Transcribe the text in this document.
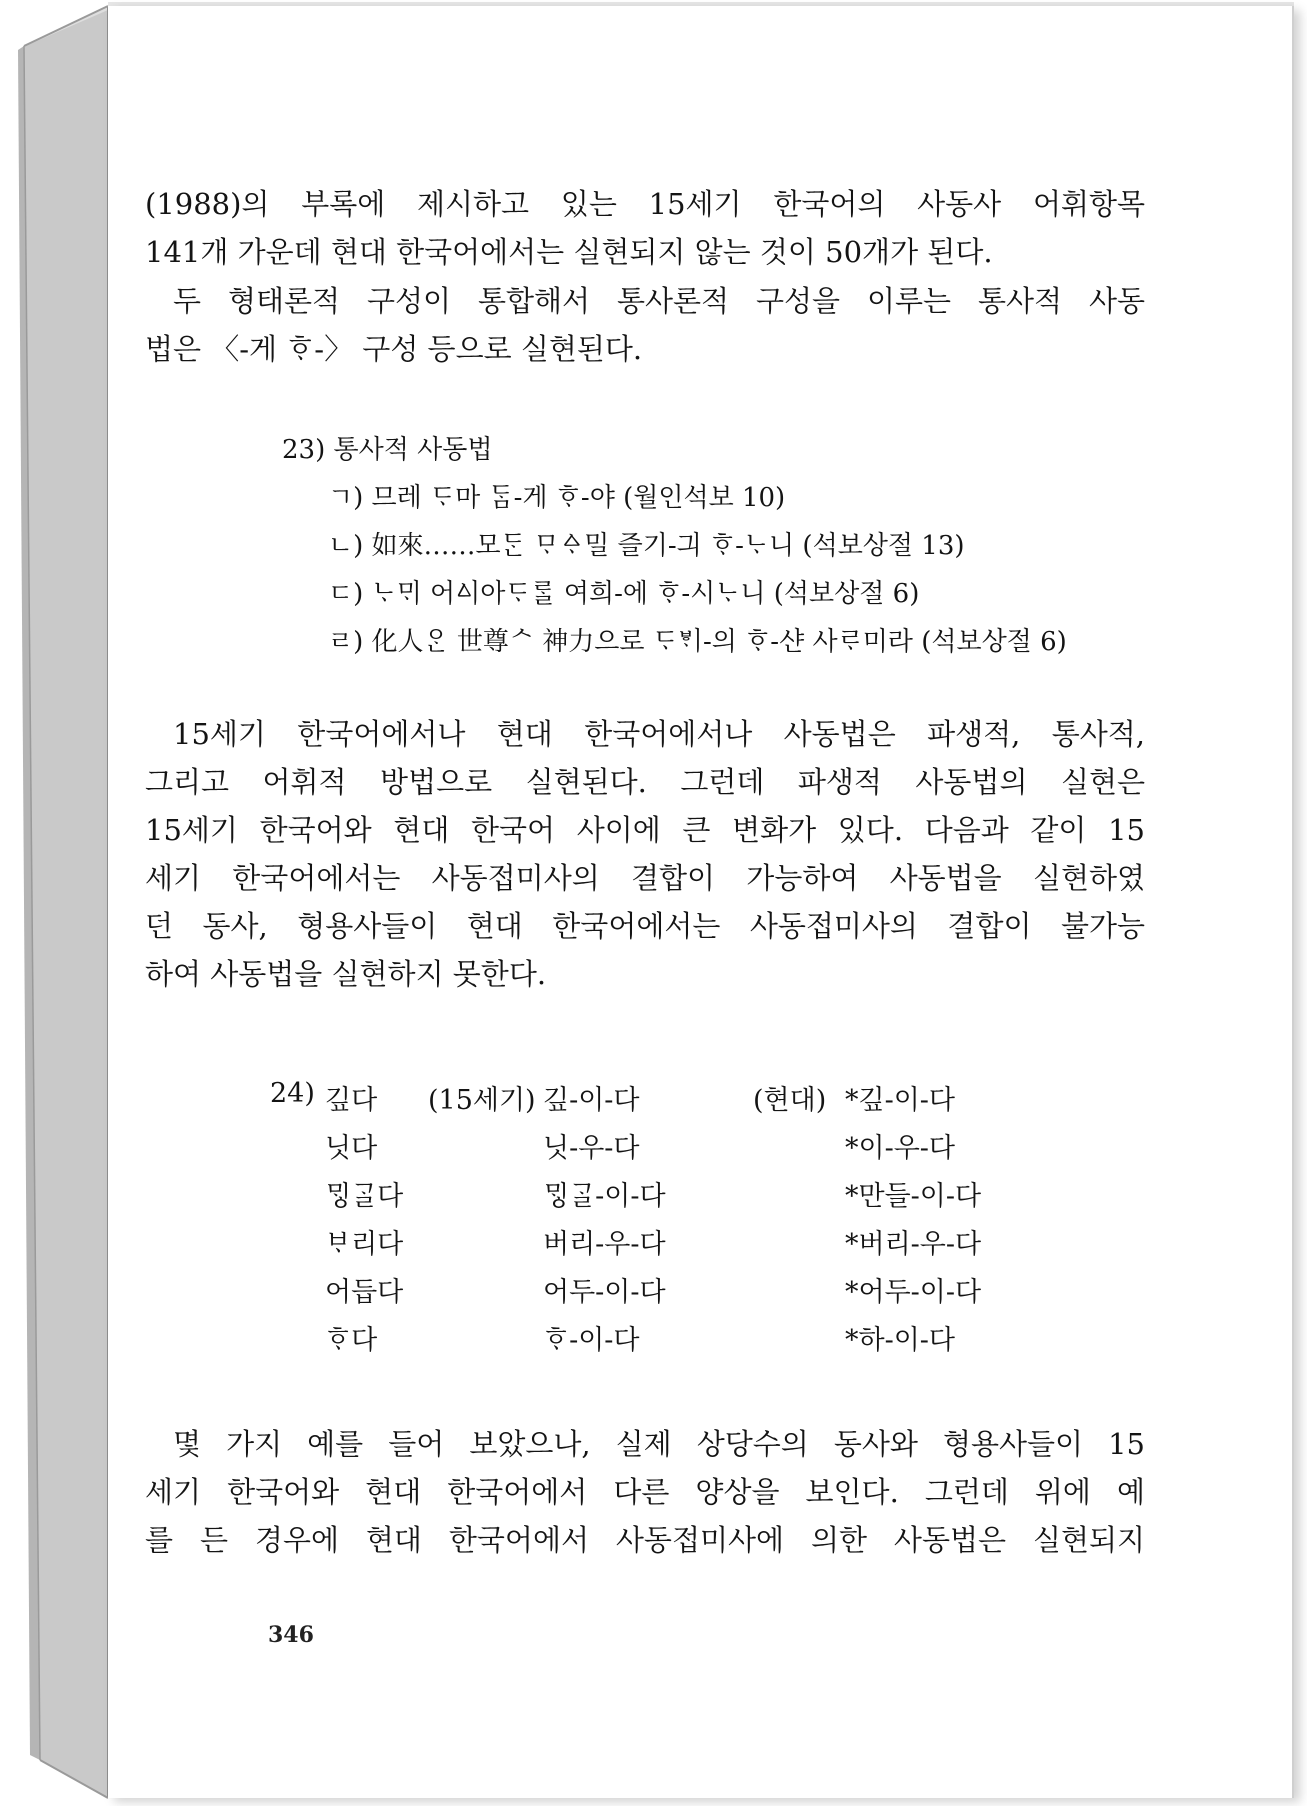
(1988)의 부록에 제시하고 있는 15세기 한국어의 사동사 어휘항목
141개 가운데 현대 한국어에서는 실현되지 않는 것이 50개가 된다.

두 형태론적 구성이 통합해서 통사론적 구성을 이루는 통사적 사동
법은 〈-게 ᄒᆞ-〉 구성 등으로 실현된다.

23) 통사적 사동법
ㄱ) 므레 ᄃᆞ마 ᄃᆞᆷ-게 ᄒᆞ-야 (월인석보 10)
ㄴ) 如來……모ᄃᆞᆫ ᄆᆞᅀᆞ밀 즐기-긔 ᄒᆞ-ᄂᆞ니 (석보상절 13)
ㄷ) ᄂᆞᄆᆡ 어ᅀᅵ아ᄃᆞᄅᆞᆯ 여희-에 ᄒᆞ-시ᄂᆞ니 (석보상절 6)
ㄹ) 化人ᄋᆞᆫ 世尊ᄉ 神力으로 ᄃᆞᄫᆡ-의 ᄒᆞ-샨 사ᄅᆞ미라 (석보상절 6)

15세기 한국어에서나 현대 한국어에서나 사동법은 파생적, 통사적,
그리고 어휘적 방법으로 실현된다. 그런데 파생적 사동법의 실현은
15세기 한국어와 현대 한국어 사이에 큰 변화가 있다. 다음과 같이 15
세기 한국어에서는 사동접미사의 결합이 가능하여 사동법을 실현하였
던 동사, 형용사들이 현대 한국어에서는 사동접미사의 결합이 불가능
하여 사동법을 실현하지 못한다.

24)	(15세기)	(현대)
깊다	깊-이-다	*깊-이-다
닛다	닛-우-다	*이-우-다
ᄆᆡᇰᄀᆞᆯ다	ᄆᆡᇰᄀᆞᆯ-이-다	*만들-이-다
ᄇᆞ리다	버리-우-다	*버리-우-다
어듭다	어두-이-다	*어두-이-다
ᄒᆞ다	ᄒᆞ-이-다	*하-이-다

몇 가지 예를 들어 보았으나, 실제 상당수의 동사와 형용사들이 15
세기 한국어와 현대 한국어에서 다른 양상을 보인다. 그런데 위에 예
를 든 경우에 현대 한국어에서 사동접미사에 의한 사동법은 실현되지

346
